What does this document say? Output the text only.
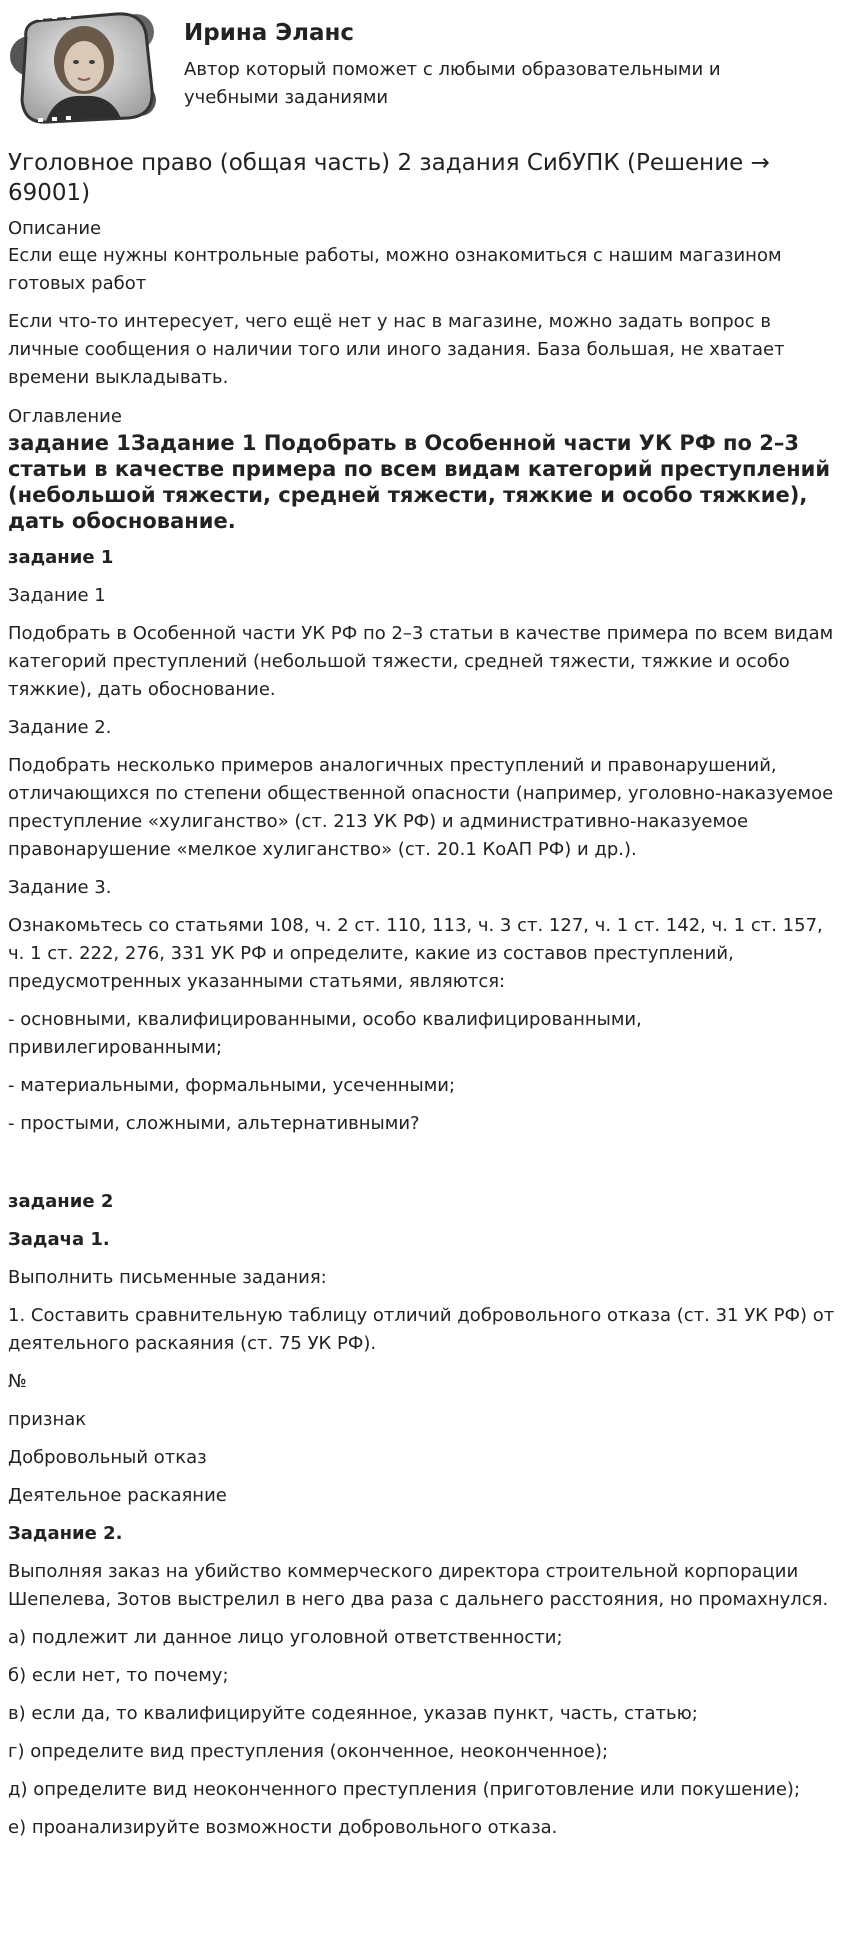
Ирина Эланс
Автор который поможет с любыми образовательными и учебными заданиями
Уголовное право (общая часть) 2 задания СибУПК (Решение → 69001)

Описание

Если еще нужны контрольные работы, можно ознакомиться с нашим магазином готовых работ

Если что-то интересует, чего ещё нет у нас в магазине, можно задать вопрос в личные сообщения о наличии того или иного задания. База большая, не хватает времени выкладывать.

Оглавление

задание 1Задание 1 Подобрать в Особенной части УК РФ по 2–3 статьи в качестве примера по всем видам категорий преступлений (небольшой тяжести, средней тяжести, тяжкие и особо тяжкие), дать обоснование.

задание 1

Задание 1

Подобрать в Особенной части УК РФ по 2–3 статьи в качестве примера по всем видам категорий преступлений (небольшой тяжести, средней тяжести, тяжкие и особо тяжкие), дать обоснование.

Задание 2.

Подобрать несколько примеров аналогичных преступлений и правонарушений, отличающихся по степени общественной опасности (например, уголовно-наказуемое преступление «хулиганство» (ст. 213 УК РФ) и административно-наказуемое правонарушение «мелкое хулиганство» (ст. 20.1 КоАП РФ) и др.).

Задание 3.

Ознакомьтесь со статьями 108, ч. 2 ст. 110, 113, ч. 3 ст. 127, ч. 1 ст. 142, ч. 1 ст. 157, ч. 1 ст. 222, 276, 331 УК РФ и определите, какие из составов преступлений, предусмотренных указанными статьями, являются:

- основными, квалифицированными, особо квалифицированными, привилегированными;

- материальными, формальными, усеченными;

- простыми, сложными, альтернативными?

задание 2

Задача 1.

Выполнить письменные задания:

1. Составить сравнительную таблицу отличий добровольного отказа (ст. 31 УК РФ) от деятельного раскаяния (ст. 75 УК РФ).

№

признак

Добровольный отказ

Деятельное раскаяние

Задание 2.

Выполняя заказ на убийство коммерческого директора строительной корпорации Шепелева, Зотов выстрелил в него два раза с дальнего расстояния, но промахнулся.

а) подлежит ли данное лицо уголовной ответственности;

б) если нет, то почему;

в) если да, то квалифицируйте содеянное, указав пункт, часть, статью;

г) определите вид преступления (оконченное, неоконченное);

д) определите вид неоконченного преступления (приготовление или покушение);

е) проанализируйте возможности добровольного отказа.
